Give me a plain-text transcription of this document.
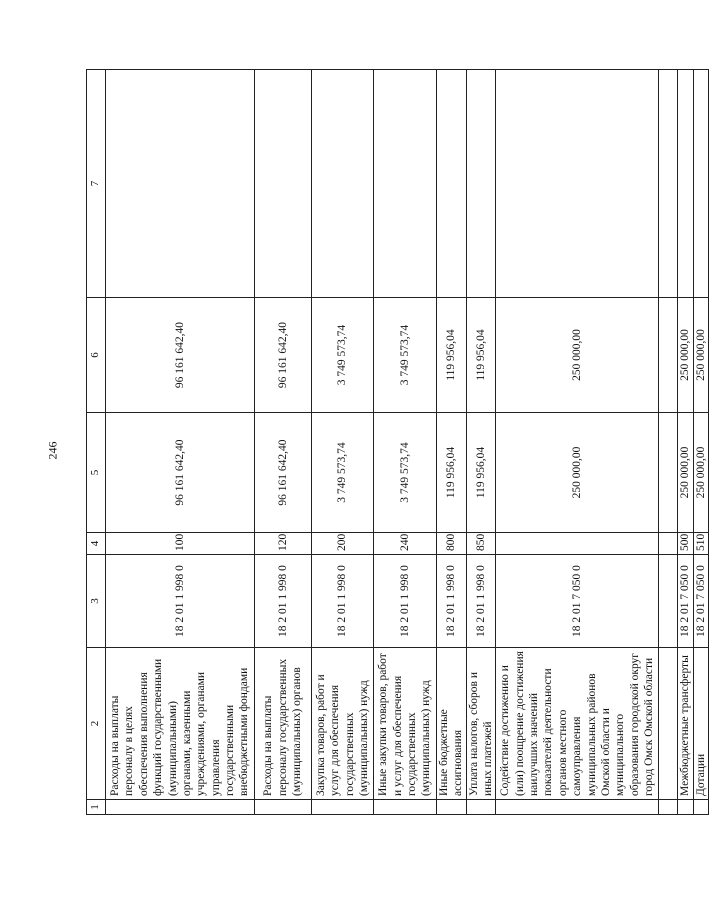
246
1	2	3	4	5	6	7
	Расходы на выплаты персоналу в целях обеспечения выполнения функций государственными (муниципальными) органами, казенными учреждениями, органами управления государственными внебюджетными фондами	18 2 01 1 998 0	100	96 161 642,40	96 161 642,40	
	Расходы на выплаты персоналу государственных (муниципальных) органов	18 2 01 1 998 0	120	96 161 642,40	96 161 642,40	
	Закупка товаров, работ и услуг для обеспечения государственных (муниципальных) нужд	18 2 01 1 998 0	200	3 749 573,74	3 749 573,74	
	Иные закупки товаров, работ и услуг для обеспечения государственных (муниципальных) нужд	18 2 01 1 998 0	240	3 749 573,74	3 749 573,74	
	Иные бюджетные ассигнования	18 2 01 1 998 0	800	119 956,04	119 956,04	
	Уплата налогов, сборов и иных платежей	18 2 01 1 998 0	850	119 956,04	119 956,04	
	Содействие достижению и (или) поощрение достижения наилучших значений показателей деятельности органов местного самоуправления муниципальных районов Омской области и муниципального образования городской округ город Омск Омской области	18 2 01 7 050 0		250 000,00	250 000,00	

	Межбюджетные трансферты	18 2 01 7 050 0	500	250 000,00	250 000,00	
	Дотации	18 2 01 7 050 0	510	250 000,00	250 000,00	
